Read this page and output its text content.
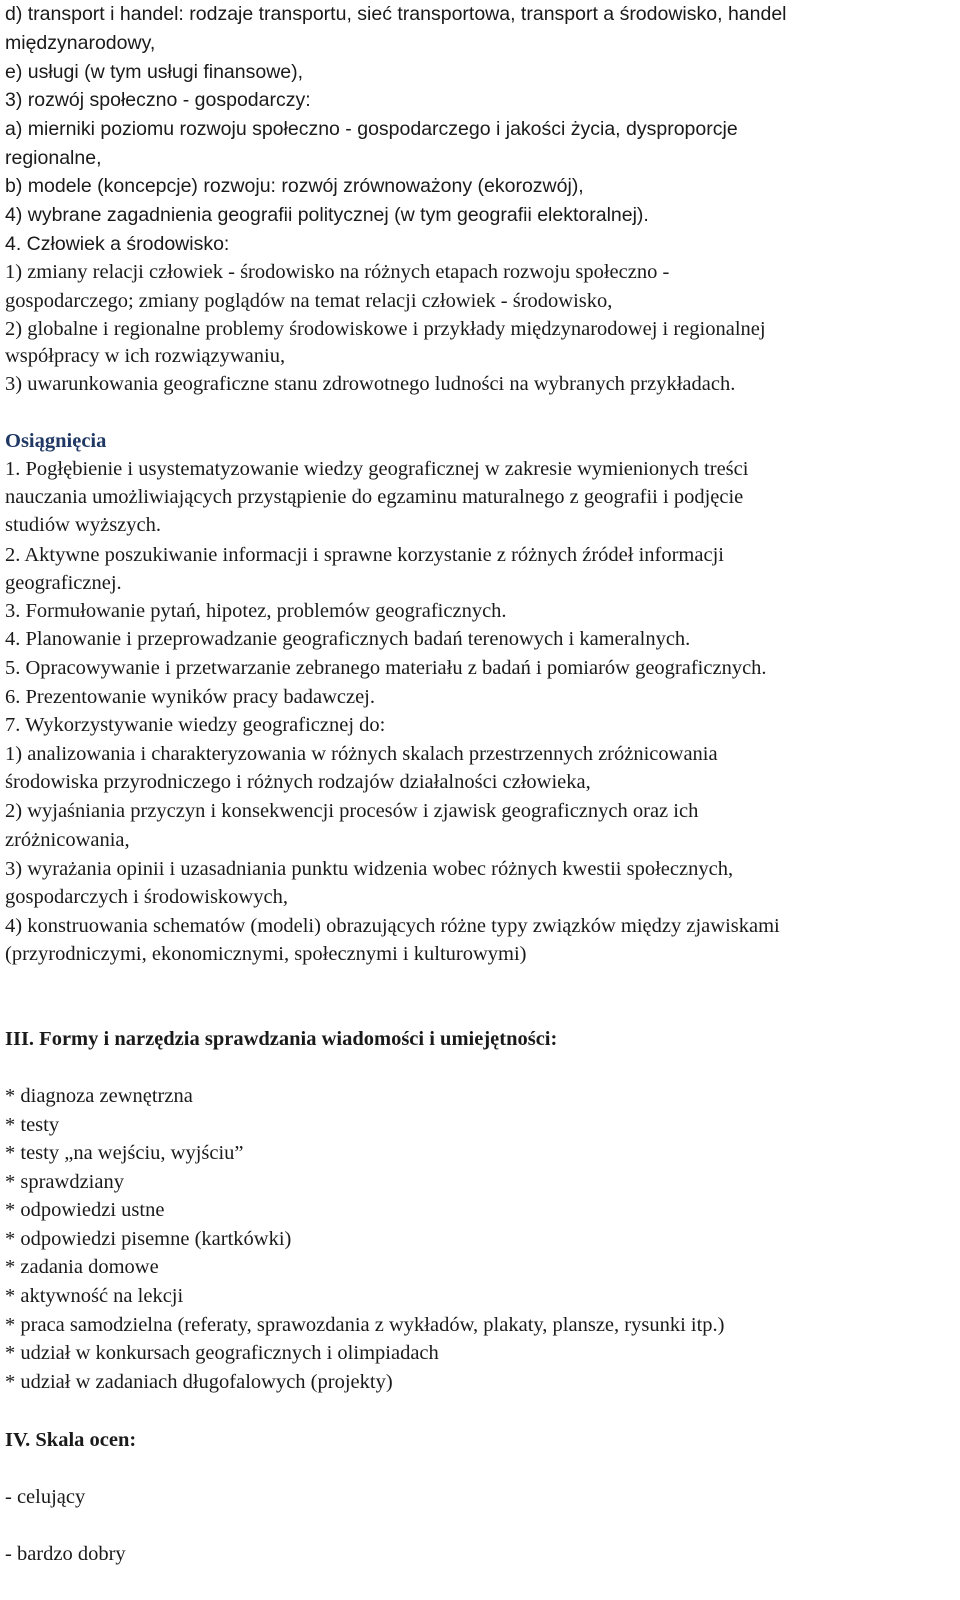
d) transport i handel: rodzaje transportu, sieć transportowa, transport a środowisko, handel
międzynarodowy,
e) usługi (w tym usługi finansowe),
3) rozwój społeczno - gospodarczy:
a) mierniki poziomu rozwoju społeczno - gospodarczego i jakości życia, dysproporcje
regionalne,
b) modele (koncepcje) rozwoju: rozwój zrównoważony (ekorozwój),
4) wybrane zagadnienia geografii politycznej (w tym geografii elektoralnej).
4. Człowiek a środowisko:
1) zmiany relacji człowiek - środowisko na różnych etapach rozwoju społeczno -
gospodarczego; zmiany poglądów na temat relacji człowiek - środowisko,
2) globalne i regionalne problemy środowiskowe i przykłady międzynarodowej i regionalnej
współpracy w ich rozwiązywaniu,
3) uwarunkowania geograficzne stanu zdrowotnego ludności na wybranych przykładach.
Osiągnięcia
1. Pogłębienie i usystematyzowanie wiedzy geograficznej w zakresie wymienionych treści
nauczania umożliwiających przystąpienie do egzaminu maturalnego z geografii i podjęcie
studiów wyższych.
2. Aktywne poszukiwanie informacji i sprawne korzystanie z różnych źródeł informacji
geograficznej.
3. Formułowanie pytań, hipotez, problemów geograficznych.
4. Planowanie i przeprowadzanie geograficznych badań terenowych i kameralnych.
5. Opracowywanie i przetwarzanie zebranego materiału z badań i pomiarów geograficznych.
6. Prezentowanie wyników pracy badawczej.
7. Wykorzystywanie wiedzy geograficznej do:
1) analizowania i charakteryzowania w różnych skalach przestrzennych zróżnicowania
środowiska przyrodniczego i różnych rodzajów działalności człowieka,
2) wyjaśniania przyczyn i konsekwencji procesów i zjawisk geograficznych oraz ich
zróżnicowania,
3) wyrażania opinii i uzasadniania punktu widzenia wobec różnych kwestii społecznych,
gospodarczych i środowiskowych,
4) konstruowania schematów (modeli) obrazujących różne typy związków między zjawiskami
(przyrodniczymi, ekonomicznymi, społecznymi i kulturowymi)
III. Formy i narzędzia sprawdzania wiadomości i umiejętności:
* diagnoza zewnętrzna
* testy
* testy „na wejściu, wyjściu”
* sprawdziany
* odpowiedzi ustne
* odpowiedzi pisemne (kartkówki)
* zadania domowe
* aktywność na lekcji
* praca samodzielna (referaty, sprawozdania z wykładów, plakaty, plansze, rysunki itp.)
* udział w konkursach geograficznych i olimpiadach
* udział w zadaniach długofalowych (projekty)
IV. Skala ocen:
- celujący
- bardzo dobry
